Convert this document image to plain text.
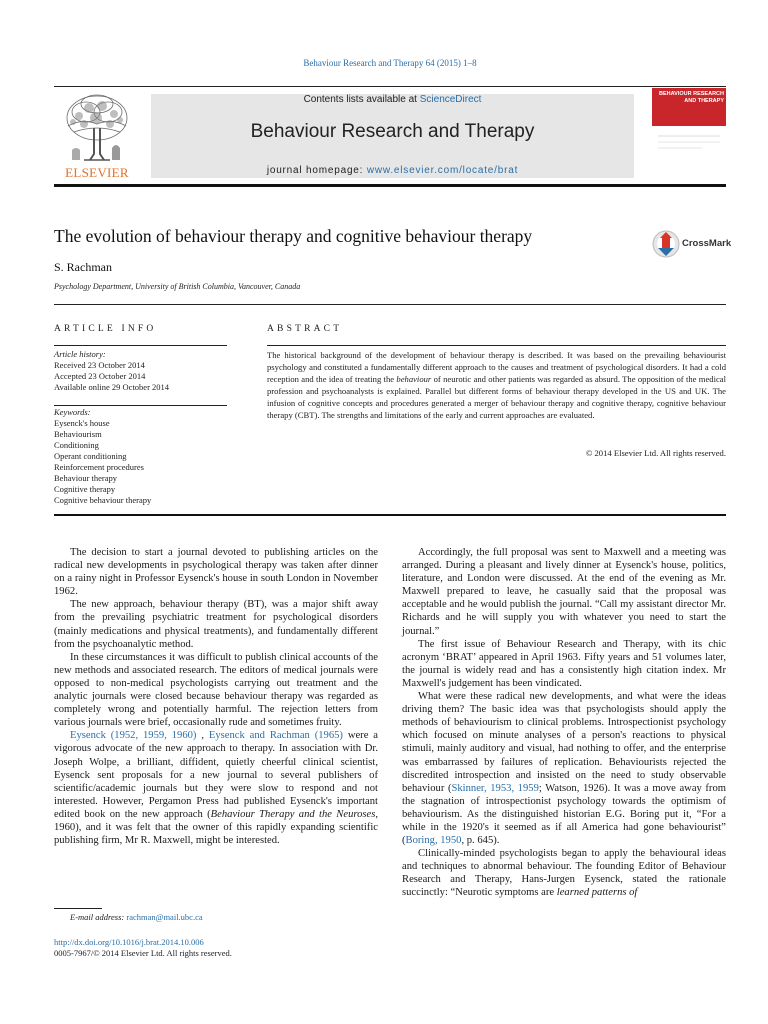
Behaviour Research and Therapy 64 (2015) 1–8
ELSEVIER
Contents lists available at ScienceDirect
Behaviour Research and Therapy
journal homepage: www.elsevier.com/locate/brat
BEHAVIOUR RESEARCH AND THERAPY
The evolution of behaviour therapy and cognitive behaviour therapy	CrossMark
S. Rachman
Psychology Department, University of British Columbia, Vancouver, Canada
ARTICLE INFO	ABSTRACT
Article history:
Received 23 October 2014
Accepted 23 October 2014
Available online 29 October 2014
Keywords:
Eysenck's house
Behaviourism
Conditioning
Operant conditioning
Reinforcement procedures
Behaviour therapy
Cognitive therapy
Cognitive behaviour therapy
The historical background of the development of behaviour therapy is described. It was based on the prevailing behaviourist psychology and constituted a fundamentally different approach to the causes and treatment of psychological disorders. It had a cold reception and the idea of treating the behaviour of neurotic and other patients was regarded as absurd. The opposition of the medical profession and psychoanalysts is explained. Parallel but different forms of behaviour therapy developed in the US and UK. The infusion of cognitive concepts and procedures generated a merger of behaviour therapy and cognitive therapy, cognitive behaviour therapy (CBT). The strengths and limitations of the early and current approaches are evaluated.
© 2014 Elsevier Ltd. All rights reserved.

The decision to start a journal devoted to publishing articles on the radical new developments in psychological therapy was taken after dinner on a rainy night in Professor Eysenck's house in south London in November 1962.

The new approach, behaviour therapy (BT), was a major shift away from the prevailing psychiatric treatment for psychological disorders (mainly medications and physical treatments), and fundamentally different from the psychoanalytic method.

In these circumstances it was difficult to publish clinical accounts of the new methods and associated research. The editors of medical journals were opposed to non-medical psychologists carrying out treatment and the analytic journals were closed because behaviour therapy was regarded as completely wrong and potentially harmful. The rejection letters from various journals were brief, occasionally rude and sometimes fruity.

Eysenck (1952, 1959, 1960) , Eysenck and Rachman (1965) were a vigorous advocate of the new approach to therapy. In association with Dr. Joseph Wolpe, a brilliant, diffident, quietly cheerful clinical scientist, Eysenck sent proposals for a new journal to several publishers of scientific/academic journals but they were slow to respond and not interested. However, Pergamon Press had published Eysenck's important edited book on the new approach (Behaviour Therapy and the Neuroses, 1960), and it was felt that the owner of this rapidly expanding scientific publishing firm, Mr R. Maxwell, might be interested.

Accordingly, the full proposal was sent to Maxwell and a meeting was arranged. During a pleasant and lively dinner at Eysenck's house, politics, literature, and London were discussed. At the end of the evening as Mr. Maxwell prepared to leave, he casually said that the proposal was acceptable and he would publish the journal. “Call my assistant director Mr. Richards and he will supply you with whatever you need to start the journal.”

The first issue of Behaviour Research and Therapy, with its chic acronym ‘BRAT’ appeared in April 1963. Fifty years and 51 volumes later, the journal is widely read and has a consistently high citation index. Mr Maxwell's judgement has been vindicated.

What were these radical new developments, and what were the ideas driving them? The basic idea was that psychologists should apply the methods of behaviourism to clinical problems. Introspectionist psychology which focused on minute analyses of a person's reactions to physical stimuli, mainly auditory and visual, had nothing to offer, and the enterprise was embarrassed by failures of replication. Behaviourists rejected the discredited introspection and insisted on the need to study observable behaviour (Skinner, 1953, 1959; Watson, 1926). It was a move away from the stagnation of introspectionist psychology towards the optimism of behaviourism. As the distinguished historian E.G. Boring put it, “For a while in the 1920's it seemed as if all America had gone behaviourist” (Boring, 1950, p. 645).

Clinically-minded psychologists began to apply the behavioural ideas and techniques to abnormal behaviour. The founding Editor of Behaviour Research and Therapy, Hans-Jurgen Eysenck, stated the rationale succinctly: “Neurotic symptoms are learned patterns of

E-mail address: rachman@mail.ubc.ca
http://dx.doi.org/10.1016/j.brat.2014.10.006
0005-7967/© 2014 Elsevier Ltd. All rights reserved.
